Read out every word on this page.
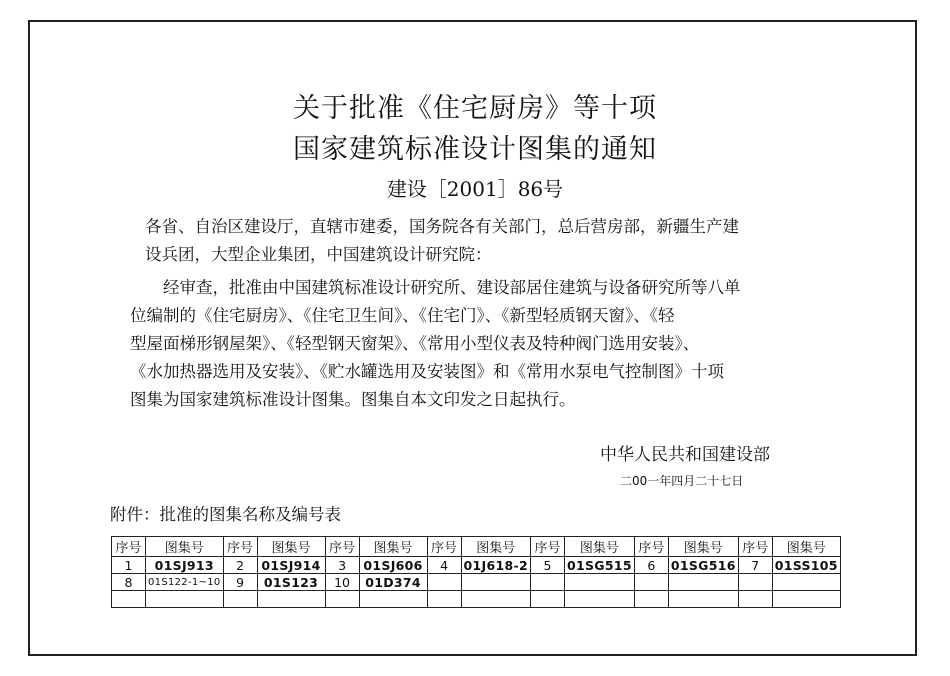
关于批准《住宅厨房》等十项
国家建筑标准设计图集的通知
建设［2001］86号
各省、自治区建设厅，直辖市建委，国务院各有关部门，总后营房部，新疆生产建
设兵团，大型企业集团，中国建筑设计研究院：
　　经审查，批准由中国建筑标准设计研究所、建设部居住建筑与设备研究所等八单
位编制的《住宅厨房》、《住宅卫生间》、《住宅门》、《新型轻质钢天窗》、《轻
型屋面梯形钢屋架》、《轻型钢天窗架》、《常用小型仪表及特种阀门选用安装》、
《水加热器选用及安装》、《贮水罐选用及安装图》和《常用水泵电气控制图》十项
图集为国家建筑标准设计图集。图集自本文印发之日起执行。
中华人民共和国建设部
二00一年四月二十七日
附件：批准的图集名称及编号表
序号	图集号	序号	图集号	序号	图集号	序号	图集号	序号	图集号	序号	图集号	序号	图集号
1	01SJ913	2	01SJ914	3	01SJ606	4	01J618-2	5	01SG515	6	01SG516	7	01SS105
8	01S122-1~10	9	01S123	10	01D374								
